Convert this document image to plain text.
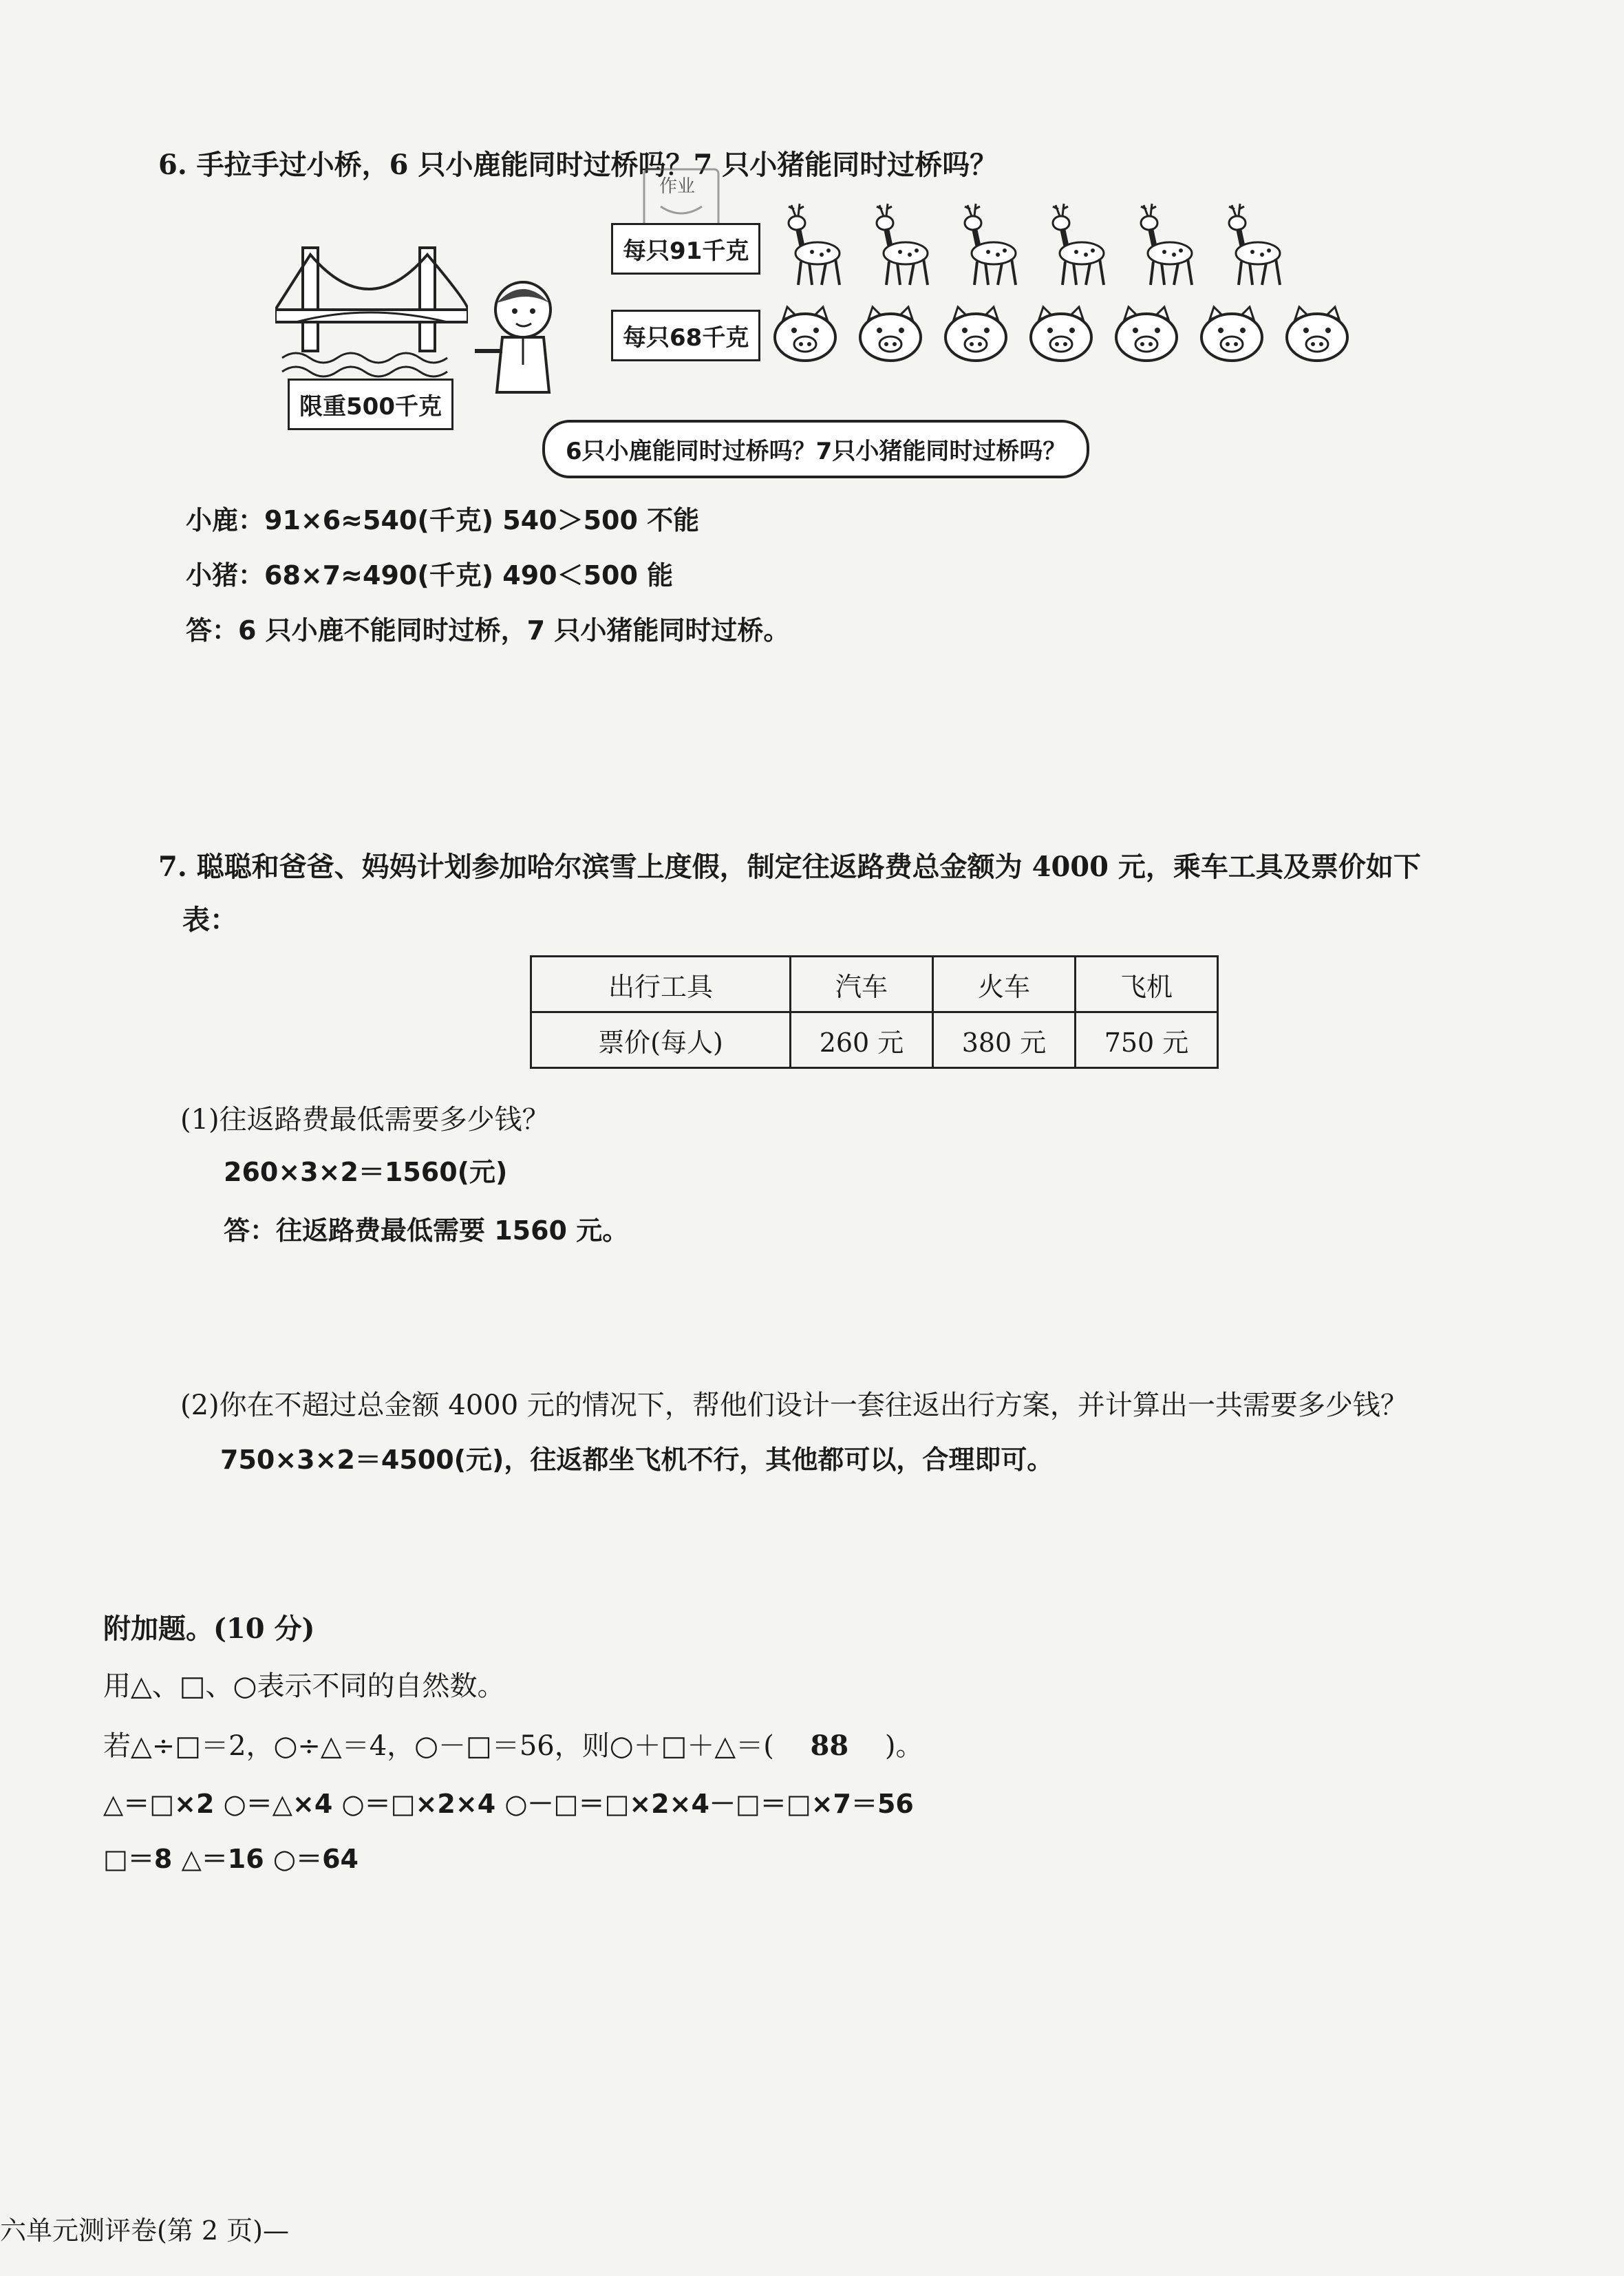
6. 手拉手过小桥，6 只小鹿能同时过桥吗？7 只小猪能同时过桥吗？
作业
限重500千克
每只91千克
每只68千克
6只小鹿能同时过桥吗？7只小猪能同时过桥吗？
小鹿：91×6≈540(千克) 540＞500 不能
小猪：68×7≈490(千克) 490＜500 能
答：6 只小鹿不能同时过桥，7 只小猪能同时过桥。
7. 聪聪和爸爸、妈妈计划参加哈尔滨雪上度假，制定往返路费总金额为 4000 元，乘车工具及票价如下
表：
出行工具	汽车	火车	飞机
票价(每人)	260 元	380 元	750 元
(1)往返路费最低需要多少钱？
260×3×2＝1560(元)
答：往返路费最低需要 1560 元。
(2)你在不超过总金额 4000 元的情况下，帮他们设计一套往返出行方案，并计算出一共需要多少钱？
750×3×2＝4500(元)，往返都坐飞机不行，其他都可以，合理即可。
附加题。(10 分)
用△、□、○表示不同的自然数。
若△÷□＝2，○÷△＝4，○－□＝56，则○＋□＋△＝( 88 )。
△＝□×2 ○＝△×4 ○＝□×2×4 ○－□＝□×2×4－□＝□×7＝56
□＝8 △＝16 ○＝64
六单元测评卷(第 2 页)—
